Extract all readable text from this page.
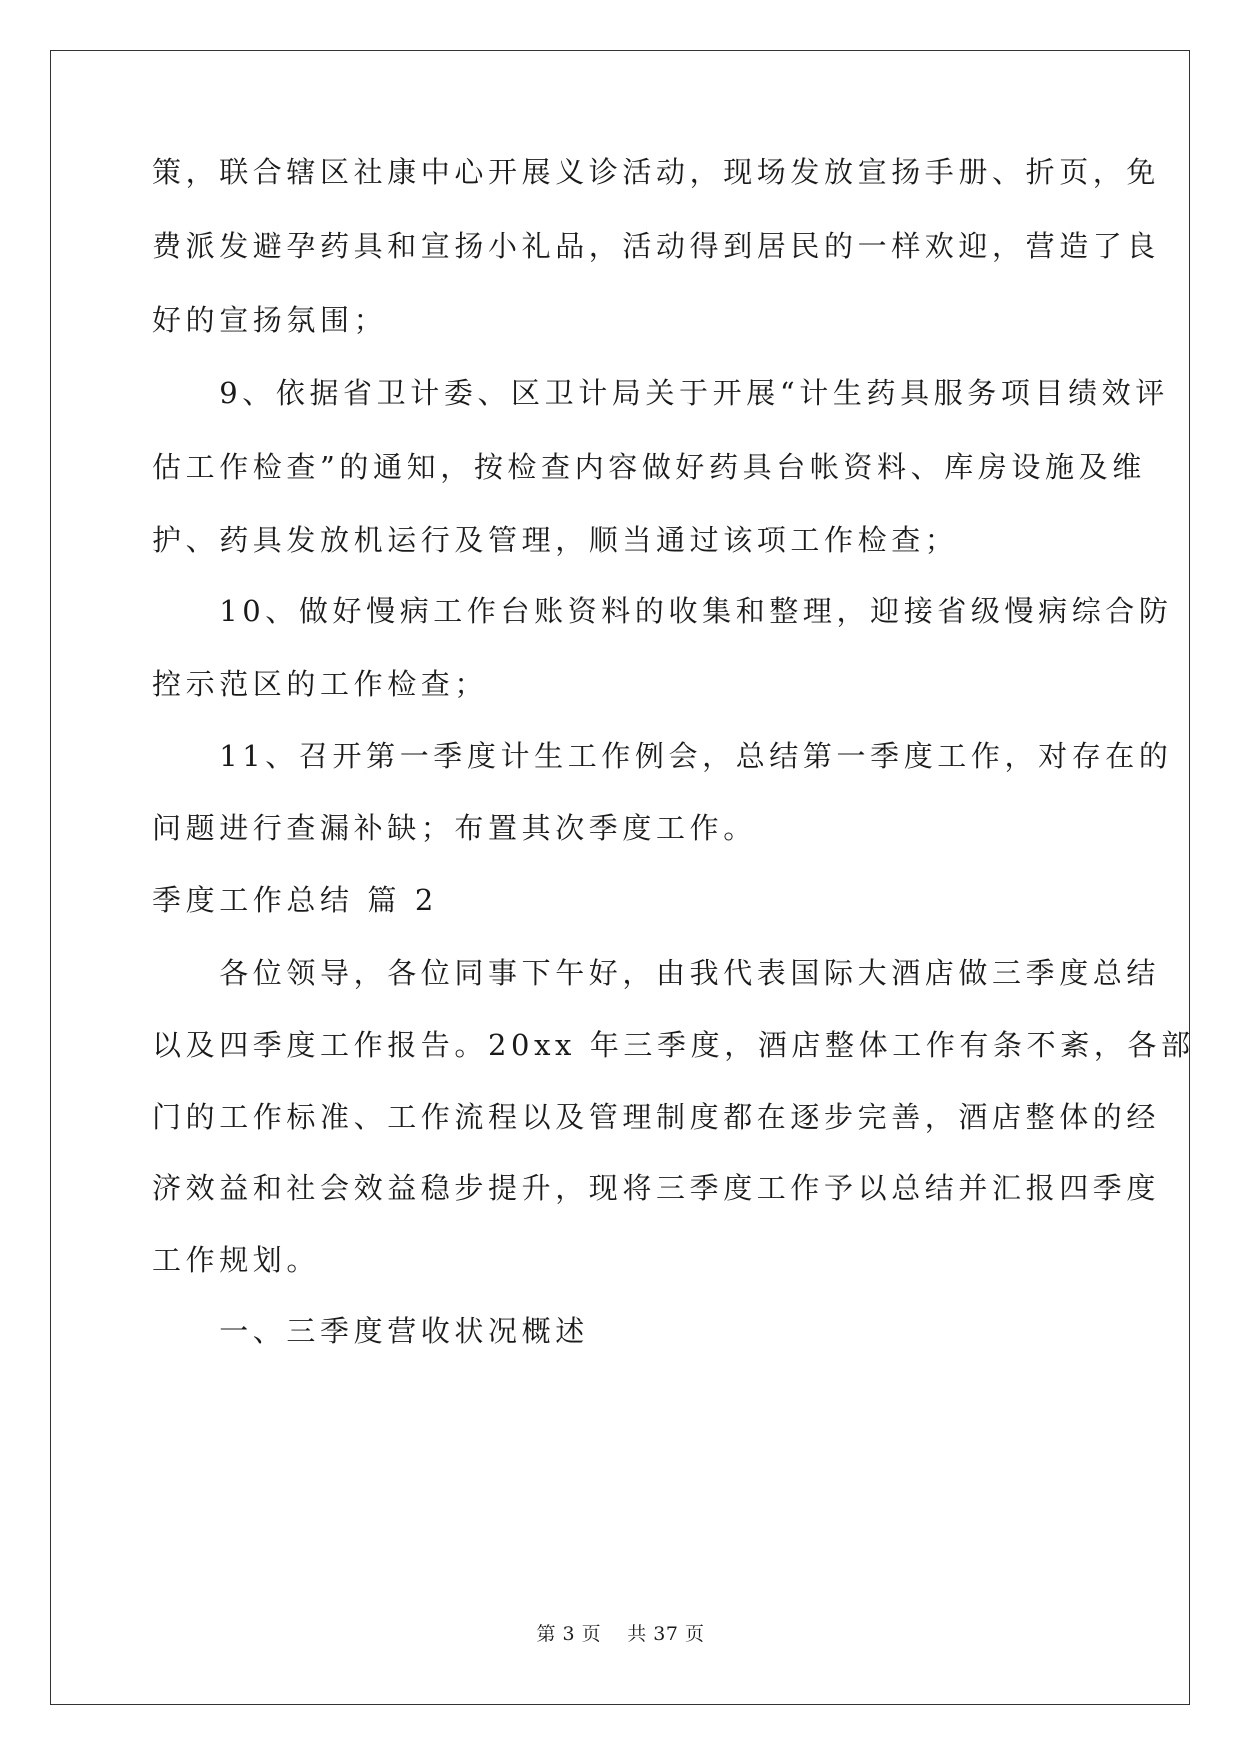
策，联合辖区社康中心开展义诊活动，现场发放宣扬手册、折页，免
费派发避孕药具和宣扬小礼品，活动得到居民的一样欢迎，营造了良
好的宣扬氛围；
　　9、依据省卫计委、区卫计局关于开展“计生药具服务项目绩效评
估工作检查”的通知，按检查内容做好药具台帐资料、库房设施及维
护、药具发放机运行及管理，顺当通过该项工作检查；
　　10、做好慢病工作台账资料的收集和整理，迎接省级慢病综合防
控示范区的工作检查；
　　11、召开第一季度计生工作例会，总结第一季度工作，对存在的
问题进行查漏补缺；布置其次季度工作。
季度工作总结 篇 2
　　各位领导，各位同事下午好，由我代表国际大酒店做三季度总结
以及四季度工作报告。20xx 年三季度，酒店整体工作有条不紊，各部
门的工作标准、工作流程以及管理制度都在逐步完善，酒店整体的经
济效益和社会效益稳步提升，现将三季度工作予以总结并汇报四季度
工作规划。
　　一、三季度营收状况概述
第 3 页　 共 37 页
